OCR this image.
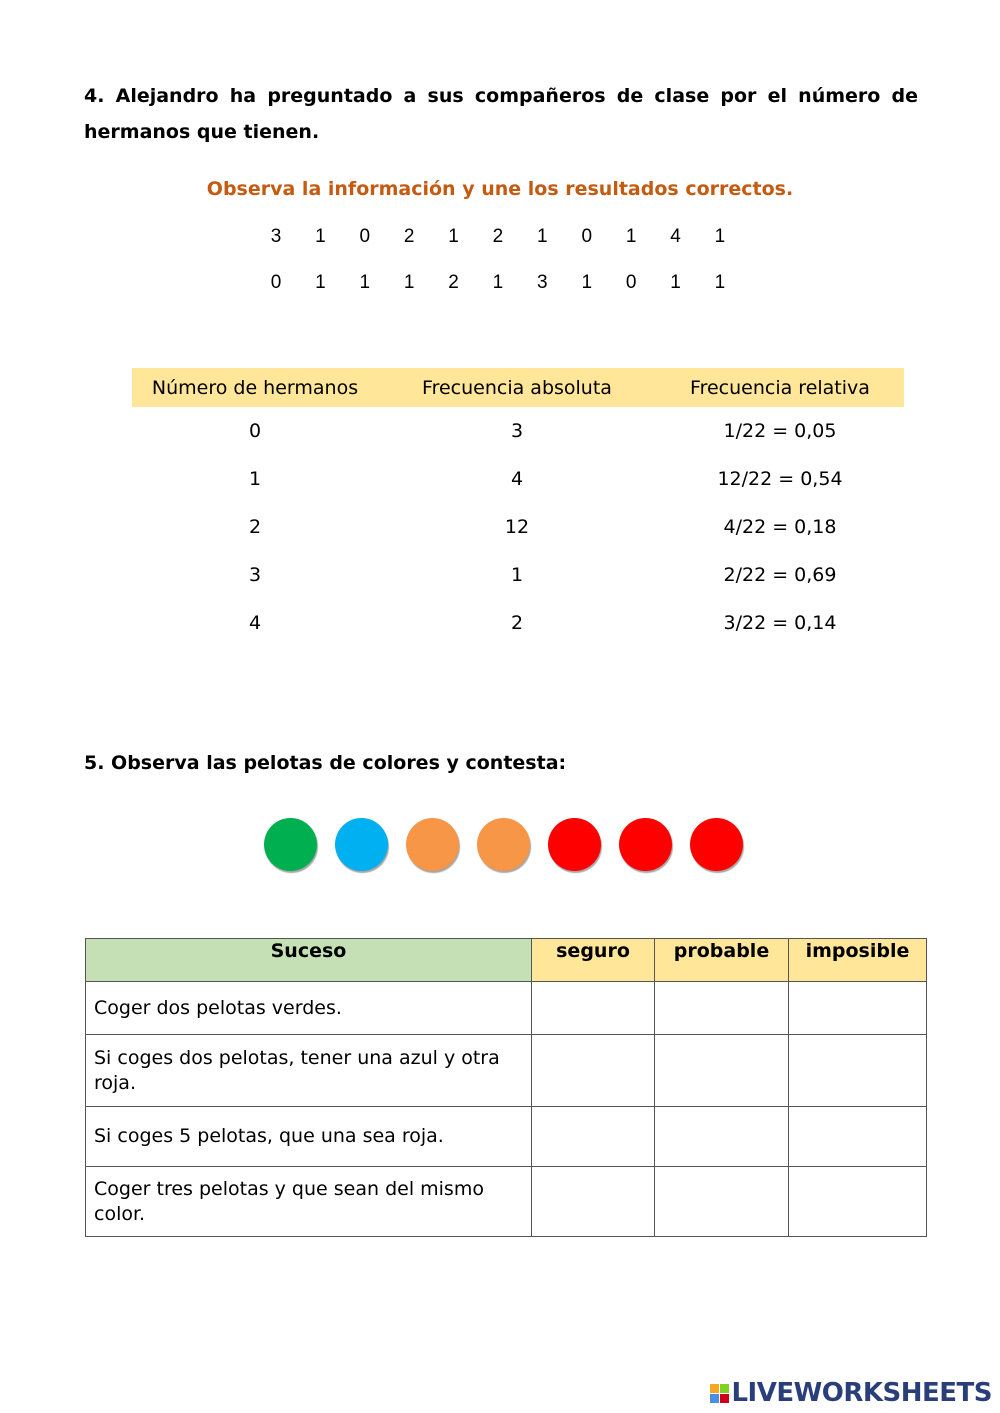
4. Alejandro ha preguntado a sus compañeros de clase por el número de hermanos que tienen.
Observa la información y une los resultados correctos.
3	1	0	2	1	2	1	0	1	4	1
0	1	1	1	2	1	3	1	0	1	1
Número de hermanos	Frecuencia absoluta	Frecuencia relativa
0	3	1/22 = 0,05
1	4	12/22 = 0,54
2	12	4/22 = 0,18
3	1	2/22 = 0,69
4	2	3/22 = 0,14
5. Observa las pelotas de colores y contesta:
Suceso	seguro	probable	imposible
Coger dos pelotas verdes.			
Si coges dos pelotas, tener una azul y otra roja.			
Si coges 5 pelotas, que una sea roja.			
Coger tres pelotas y que sean del mismo color.			
LIVEWORKSHEETS
